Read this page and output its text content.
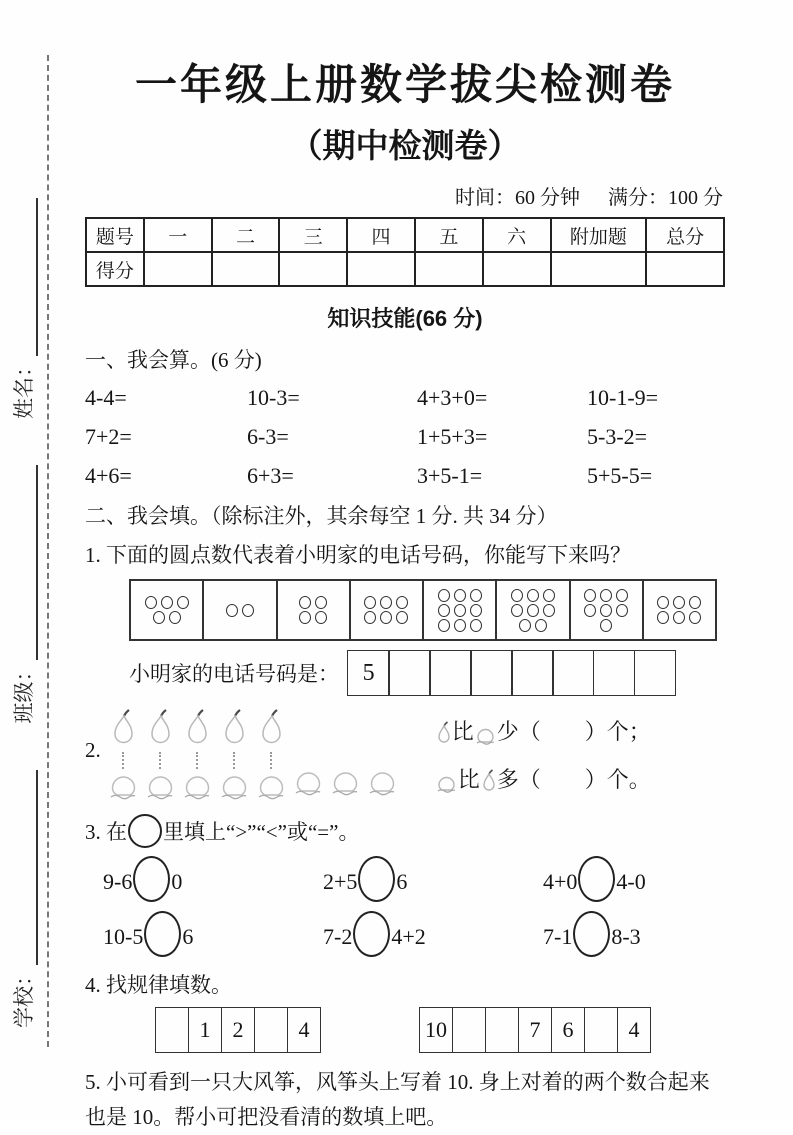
学校：
班级：
姓名：
一年级上册数学拔尖检测卷
（期中检测卷）
时间：60 分钟 满分：100 分
题号	一	二	三	四	五	六	附加题	总分
得分								
知识技能(66 分)
一、我会算。(6 分)
4-4=	10-3=	4+3+0=	10-1-9=
7+2=	6-3=	1+5+3=	5-3-2=
4+6=	6+3=	3+5-1=	5+5-5=
二、我会填。（除标注外，其余每空 1 分. 共 34 分）
1. 下面的圆点数代表着小明家的电话号码，你能写下来吗？
小明家的电话号码是： 5
2.
比 少（　　）个；
比 多（　　）个。
3. 在 里填上“>”“<”或“=”。
9-6 0	2+5 6	4+0 4-0
10-5 6	7-2 4+2	7-1 8-3
4. 找规律填数。
1	2	4	10	7	6	4
5. 小可看到一只大风筝，风筝头上写着 10. 身上对着的两个数合起来
也是 10。帮小可把没看清的数填上吧。
